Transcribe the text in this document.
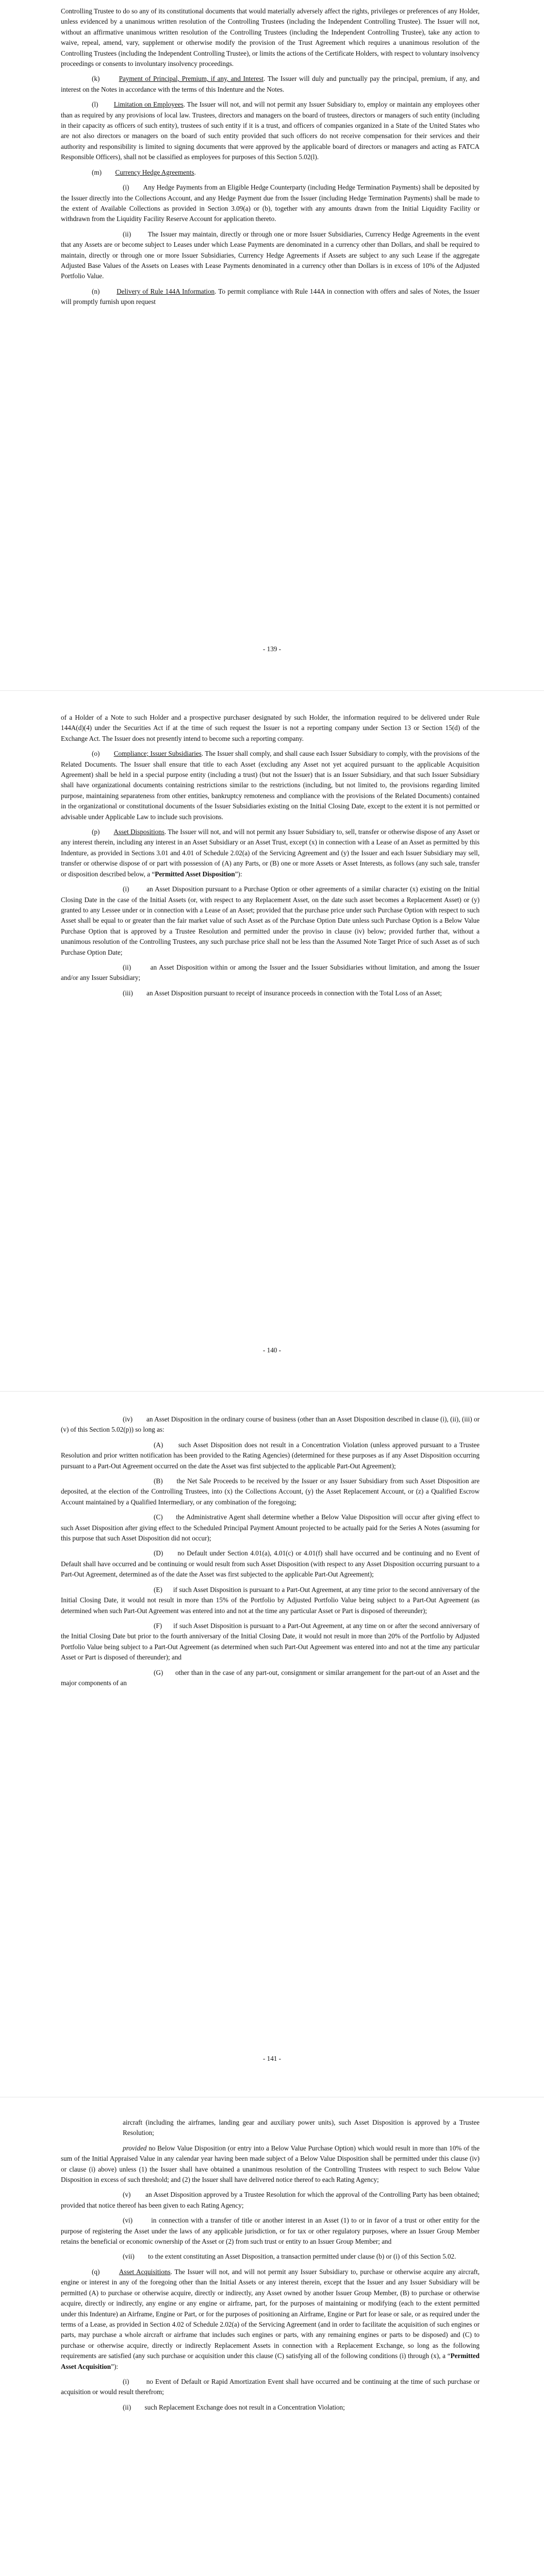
Controlling Trustee to do so any of its constitutional documents that would materially adversely affect the rights, privileges or preferences of any Holder, unless evidenced by a unanimous written resolution of the Controlling Trustees (including the Independent Controlling Trustee). The Issuer will not, without an affirmative unanimous written resolution of the Controlling Trustees (including the Independent Controlling Trustee), take any action to waive, repeal, amend, vary, supplement or otherwise modify the provision of the Trust Agreement which requires a unanimous resolution of the Controlling Trustees (including the Independent Controlling Trustee), or limits the actions of the Certificate Holders, with respect to voluntary insolvency proceedings or consents to involuntary insolvency proceedings.

(k)	Payment of Principal, Premium, if any, and Interest. The Issuer will duly and punctually pay the principal, premium, if any, and interest on the Notes in accordance with the terms of this Indenture and the Notes.

(l) Limitation on Employees. The Issuer will not, and will not permit any Issuer Subsidiary to, employ or maintain any employees other than as required by any provisions of local law. Trustees, directors and managers on the board of trustees, directors or managers of such entity (including in their capacity as officers of such entity), trustees of such entity if it is a trust, and officers of companies organized in a State of the United States who are not also directors or managers on the board of such entity provided that such officers do not receive compensation for their services and their authority and responsibility is limited to signing documents that were approved by the applicable board of directors or managers and acting as FATCA Responsible Officers), shall not be classified as employees for purposes of this Section 5.02(l).

(m) Currency Hedge Agreements.

(i) Any Hedge Payments from an Eligible Hedge Counterparty (including Hedge Termination Payments) shall be deposited by the Issuer directly into the Collections Account, and any Hedge Payment due from the Issuer (including Hedge Termination Payments) shall be made to the extent of Available Collections as provided in Section 3.09(a) or (b), together with any amounts drawn from the Initial Liquidity Facility or withdrawn from the Liquidity Facility Reserve Account for application thereto.

(ii) The Issuer may maintain, directly or through one or more Issuer Subsidiaries, Currency Hedge Agreements in the event that any Assets are or become subject to Leases under which Lease Payments are denominated in a currency other than Dollars, and shall be required to maintain, directly or through one or more Issuer Subsidiaries, Currency Hedge Agreements if Assets are subject to any such Lease if the aggregate Adjusted Base Values of the Assets on Leases with Lease Payments denominated in a currency other than Dollars is in excess of 10% of the Adjusted Portfolio Value.

(n) Delivery of Rule 144A Information. To permit compliance with Rule 144A in connection with offers and sales of Notes, the Issuer will promptly furnish upon request

- 139 -

of a Holder of a Note to such Holder and a prospective purchaser designated by such Holder, the information required to be delivered under Rule 144A(d)(4) under the Securities Act if at the time of such request the Issuer is not a reporting company under Section 13 or Section 15(d) of the Exchange Act. The Issuer does not presently intend to become such a reporting company.

(o) Compliance; Issuer Subsidiaries. The Issuer shall comply, and shall cause each Issuer Subsidiary to comply, with the provisions of the Related Documents. The Issuer shall ensure that title to each Asset (excluding any Asset not yet acquired pursuant to the applicable Acquisition Agreement) shall be held in a special purpose entity (including a trust) (but not the Issuer) that is an Issuer Subsidiary, and that such Issuer Subsidiary shall have organizational documents containing restrictions similar to the restrictions (including, but not limited to, the provisions regarding limited purpose, maintaining separateness from other entities, bankruptcy remoteness and compliance with the provisions of the Related Documents) contained in the organizational or constitutional documents of the Issuer Subsidiaries existing on the Initial Closing Date, except to the extent it is not permitted or advisable under Applicable Law to include such provisions.

(p) Asset Dispositions. The Issuer will not, and will not permit any Issuer Subsidiary to, sell, transfer or otherwise dispose of any Asset or any interest therein, including any interest in an Asset Subsidiary or an Asset Trust, except (x) in connection with a Lease of an Asset as permitted by this Indenture, as provided in Sections 3.01 and 4.01 of Schedule 2.02(a) of the Servicing Agreement and (y) the Issuer and each Issuer Subsidiary may sell, transfer or otherwise dispose of or part with possession of (A) any Parts, or (B) one or more Assets or Asset Interests, as follows (any such sale, transfer or disposition described below, a “Permitted Asset Disposition”):

(i)	an Asset Disposition pursuant to a Purchase Option or other agreements of a similar character (x) existing on the Initial Closing Date in the case of the Initial Assets (or, with respect to any Replacement Asset, on the date such asset becomes a Replacement Asset) or (y) granted to any Lessee under or in connection with a Lease of an Asset; provided that the purchase price under such Purchase Option with respect to such Asset shall be equal to or greater than the fair market value of such Asset as of the Purchase Option Date unless such Purchase Option is a Below Value Purchase Option that is approved by a Trustee Resolution and permitted under the proviso in clause (iv) below; provided further that, without a unanimous resolution of the Controlling Trustees, any such purchase price shall not be less than the Assumed Note Target Price of such Asset as of such Purchase Option Date;

(ii)	an Asset Disposition within or among the Issuer and the Issuer Subsidiaries without limitation, and among the Issuer and/or any Issuer Subsidiary;

(iii) an Asset Disposition pursuant to receipt of insurance proceeds in connection with the Total Loss of an Asset;

- 140 -

(iv) an Asset Disposition in the ordinary course of business (other than an Asset Disposition described in clause (i), (ii), (iii) or (v) of this Section 5.02(p)) so long as:

(A) such Asset Disposition does not result in a Concentration Violation (unless approved pursuant to a Trustee Resolution and prior written notification has been provided to the Rating Agencies) (determined for these purposes as if any Asset Disposition occurring pursuant to a Part-Out Agreement occurred on the date the Asset was first subjected to the applicable Part-Out Agreement);

(B) the Net Sale Proceeds to be received by the Issuer or any Issuer Subsidiary from such Asset Disposition are deposited, at the election of the Controlling Trustees, into (x) the Collections Account, (y) the Asset Replacement Account, or (z) a Qualified Escrow Account maintained by a Qualified Intermediary, or any combination of the foregoing;

(C) the Administrative Agent shall determine whether a Below Value Disposition will occur after giving effect to such Asset Disposition after giving effect to the Scheduled Principal Payment Amount projected to be actually paid for the Series A Notes (assuming for this purpose that such Asset Disposition did not occur);

(D) no Default under Section 4.01(a), 4.01(c) or 4.01(f) shall have occurred and be continuing and no Event of Default shall have occurred and be continuing or would result from such Asset Disposition (with respect to any Asset Disposition occurring pursuant to a Part-Out Agreement, determined as of the date the Asset was first subjected to the applicable Part-Out Agreement);

(E) if such Asset Disposition is pursuant to a Part-Out Agreement, at any time prior to the second anniversary of the Initial Closing Date, it would not result in more than 15% of the Portfolio by Adjusted Portfolio Value being subject to a Part-Out Agreement (as determined when such Part-Out Agreement was entered into and not at the time any particular Asset or Part is disposed of thereunder);

(F) if such Asset Disposition is pursuant to a Part-Out Agreement, at any time on or after the second anniversary of the Initial Closing Date but prior to the fourth anniversary of the Initial Closing Date, it would not result in more than 20% of the Portfolio by Adjusted Portfolio Value being subject to a Part-Out Agreement (as determined when such Part-Out Agreement was entered into and not at the time any particular Asset or Part is disposed of thereunder); and

(G) other than in the case of any part-out, consignment or similar arrangement for the part-out of an Asset and the major components of an

- 141 -

aircraft (including the airframes, landing gear and auxiliary power units), such Asset Disposition is approved by a Trustee Resolution;

provided no Below Value Disposition (or entry into a Below Value Purchase Option) which would result in more than 10% of the sum of the Initial Appraised Value in any calendar year having been made subject of a Below Value Disposition shall be permitted under this clause (iv) or clause (i) above) unless (1) the Issuer shall have obtained a unanimous resolution of the Controlling Trustees with respect to such Below Value Disposition in excess of such threshold; and (2) the Issuer shall have delivered notice thereof to each Rating Agency;

(v) an Asset Disposition approved by a Trustee Resolution for which the approval of the Controlling Party has been obtained; provided that notice thereof has been given to each Rating Agency;

(vi)	in connection with a transfer of title or another interest in an Asset (1) to or in favor of a trust or other entity for the purpose of registering the Asset under the laws of any applicable jurisdiction, or for tax or other regulatory purposes, where an Issuer Group Member retains the beneficial or economic ownership of the Asset or (2) from such trust or entity to an Issuer Group Member; and

(vii) to the extent constituting an Asset Disposition, a transaction permitted under clause (b) or (i) of this Section 5.02.

(q)	Asset Acquisitions. The Issuer will not, and will not permit any Issuer Subsidiary to, purchase or otherwise acquire any aircraft, engine or interest in any of the foregoing other than the Initial Assets or any interest therein, except that the Issuer and any Issuer Subsidiary will be permitted (A) to purchase or otherwise acquire, directly or indirectly, any Asset owned by another Issuer Group Member, (B) to purchase or otherwise acquire, directly or indirectly, any engine or any engine or airframe, part, for the purposes of maintaining or modifying (each to the extent permitted under this Indenture) an Airframe, Engine or Part, or for the purposes of positioning an Airframe, Engine or Part for lease or sale, or as required under the terms of a Lease, as provided in Section 4.02 of Schedule 2.02(a) of the Servicing Agreement (and in order to facilitate the acquisition of such engines or parts, may purchase a whole aircraft or airframe that includes such engines or parts, with any remaining engines or parts to be disposed) and (C) to purchase or otherwise acquire, directly or indirectly Replacement Assets in connection with a Replacement Exchange, so long as the following requirements are satisfied (any such purchase or acquisition under this clause (C) satisfying all of the following conditions (i) through (x), a “Permitted Asset Acquisition”):

(i)	no Event of Default or Rapid Amortization Event shall have occurred and be continuing at the time of such purchase or acquisition or would result therefrom;

(ii) such Replacement Exchange does not result in a Concentration Violation;
